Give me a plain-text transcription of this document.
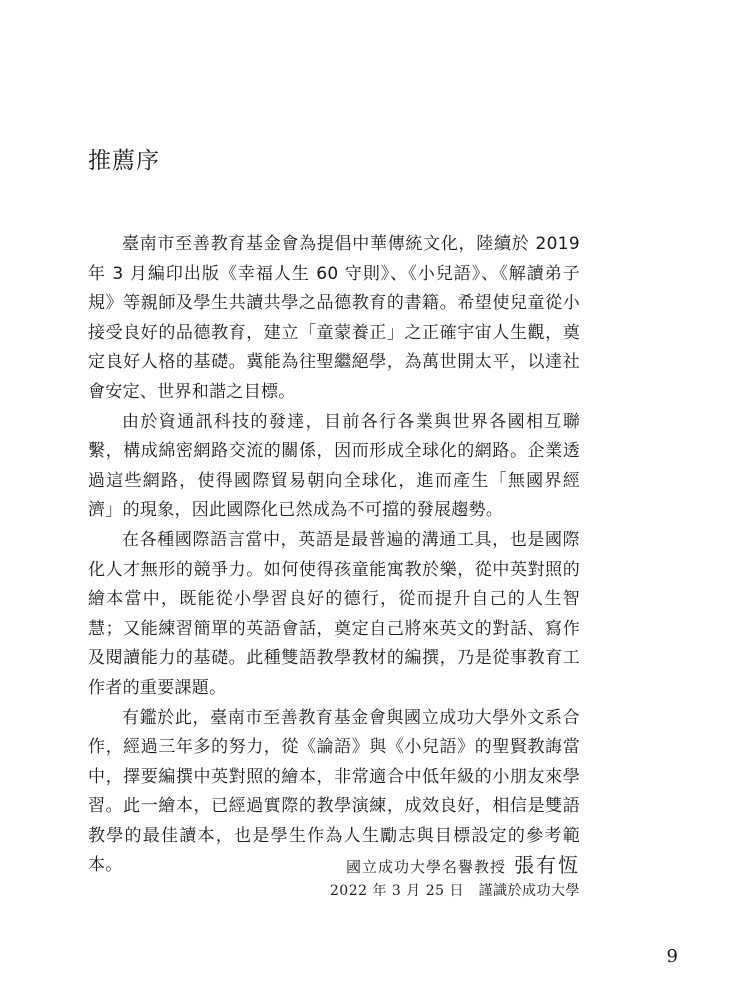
推薦序

臺南市至善教育基金會為提倡中華傳統文化，陸續於 2019 年 3 月編印出版《幸福人生 60 守則》、《小兒語》、《解讀弟子規》等親師及學生共讀共學之品德教育的書籍。希望使兒童從小接受良好的品德教育，建立「童蒙養正」之正確宇宙人生觀，奠定良好人格的基礎。冀能為往聖繼絕學，為萬世開太平，以達社會安定、世界和諧之目標。

由於資通訊科技的發達，目前各行各業與世界各國相互聯繫，構成綿密網路交流的關係，因而形成全球化的網路。企業透過這些網路，使得國際貿易朝向全球化，進而產生「無國界經濟」的現象，因此國際化已然成為不可擋的發展趨勢。

在各種國際語言當中，英語是最普遍的溝通工具，也是國際化人才無形的競爭力。如何使得孩童能寓教於樂，從中英對照的繪本當中，既能從小學習良好的德行，從而提升自己的人生智慧；又能練習簡單的英語會話，奠定自己將來英文的對話、寫作及閱讀能力的基礎。此種雙語教學教材的編撰，乃是從事教育工作者的重要課題。

有鑑於此，臺南市至善教育基金會與國立成功大學外文系合作，經過三年多的努力，從《論語》與《小兒語》的聖賢教誨當中，擇要編撰中英對照的繪本，非常適合中低年級的小朋友來學習。此一繪本，已經過實際的教學演練，成效良好，相信是雙語教學的最佳讀本，也是學生作為人生勵志與目標設定的參考範本。	國立成功大學名譽教授 張有恆
2022 年 3 月 25 日　謹識於成功大學
9
